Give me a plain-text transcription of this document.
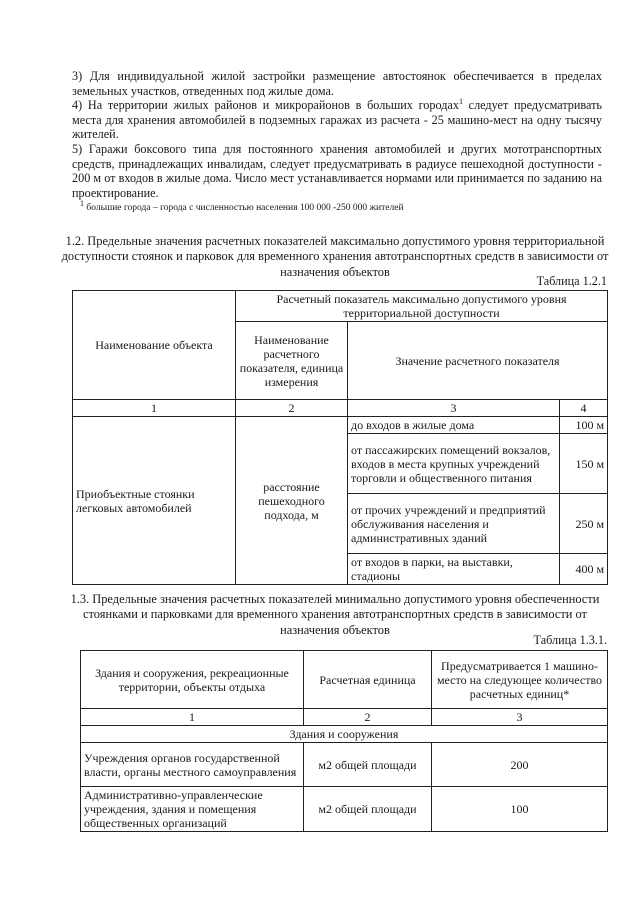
3) Для индивидуальной жилой застройки размещение автостоянок обеспечивается в пределах земельных участков, отведенных под жилые дома.

4) На территории жилых районов и микрорайонов в больших городах$^1$ следует предусматривать места для хранения автомобилей в подземных гаражах из расчета - 25 машино-мест на одну тысячу жителей.

5) Гаражи боксового типа для постоянного хранения автомобилей и других мототранспортных средств, принадлежащих инвалидам, следует предусматривать в радиусе пешеходной доступности - 200 м от входов в жилые дома. Число мест устанавливается нормами или принимается по заданию на проектирование.

$^1$ большие города – города с численностью населения 100 000 -250 000 жителей

1.2. Предельные значения расчетных показателей максимально допустимого уровня территориальной доступности стоянок и парковок для временного хранения автотранспортных средств в зависимости от назначения объектов

Таблица 1.2.1

Наименование объекта	Расчетный показатель максимально допустимого уровня территориальной доступности		
	Наименование расчетного показателя, единица измерения	Значение расчетного показателя	
1	2	3	4
Приобъектные стоянки легковых автомобилей	расстояние пешеходного подхода, м	до входов в жилые дома	100 м
		от пассажирских помещений вокзалов, входов в места крупных учреждений торговли и общественного питания	150 м
		от прочих учреждений и предприятий обслуживания населения и административных зданий	250 м
		от входов в парки, на выставки, стадионы	400 м

1.3. Предельные значения расчетных показателей минимально допустимого уровня обеспеченности стоянками и парковками для временного хранения автотранспортных средств в зависимости от назначения объектов

Таблица 1.3.1.

Здания и сооружения, рекреационные территории, объекты отдыха	Расчетная единица	Предусматривается 1 машино-место на следующее количество расчетных единиц*
1	2	3
Здания и сооружения		
Учреждения органов государственной власти, органы местного самоуправления	м2 общей площади	200
Административно-управленческие учреждения, здания и помещения общественных организаций	м2 общей площади	100
